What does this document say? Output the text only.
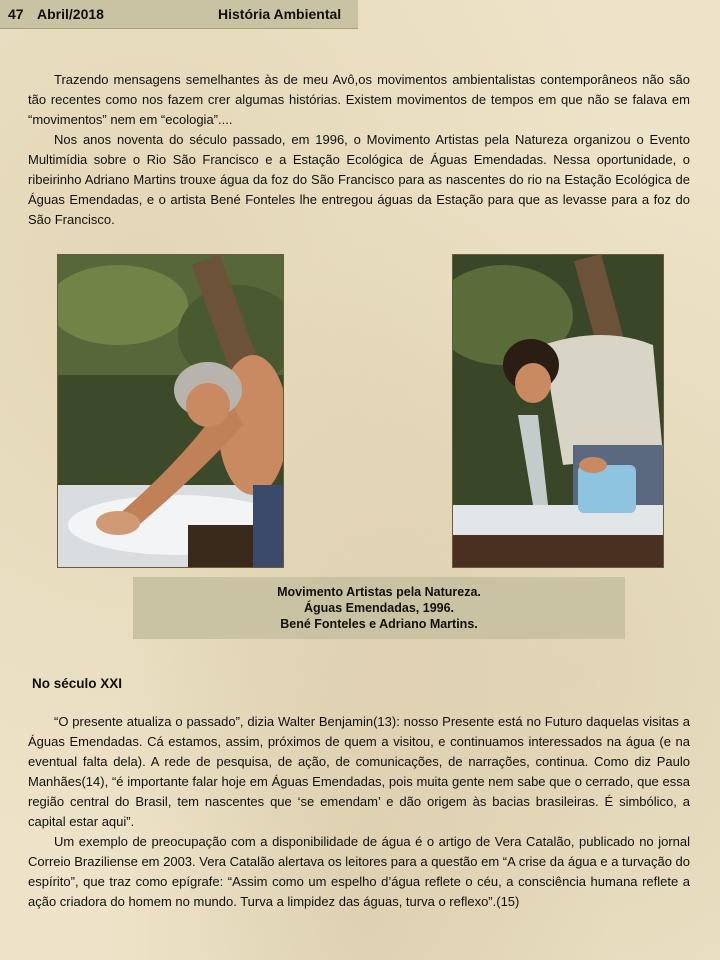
47 Abril/2018	História Ambiental

Trazendo mensagens semelhantes às de meu Avô,os movimentos ambientalistas contemporâneos não são tão recentes como nos fazem crer algumas histórias. Existem movimentos de tempos em que não se falava em “movimentos” nem em “ecologia”....

Nos anos noventa do século passado, em 1996, o Movimento Artistas pela Natureza organizou o Evento Multimídia sobre o Rio São Francisco e a Estação Ecológica de Águas Emendadas. Nessa oportunidade, o ribeirinho Adriano Martins trouxe água da foz do São Francisco para as nascentes do rio na Estação Ecológica de Águas Emendadas, e o artista Bené Fonteles lhe entregou águas da Estação para que as levasse para a foz do São Francisco.

Movimento Artistas pela Natureza.
Águas Emendadas, 1996.
Bené Fonteles e Adriano Martins.
No século XXI

“O presente atualiza o passado”, dizia Walter Benjamin(13): nosso Presente está no Futuro daquelas visitas a Águas Emendadas. Cá estamos, assim, próximos de quem a visitou, e continuamos interessados na água (e na eventual falta dela). A rede de pesquisa, de ação, de comunicações, de narrações, continua. Como diz Paulo Manhães(14), “é importante falar hoje em Águas Emendadas, pois muita gente nem sabe que o cerrado, que essa região central do Brasil, tem nascentes que ‘se emendam’ e dão origem às bacias brasileiras. É simbólico, a capital estar aqui”.

Um exemplo de preocupação com a disponibilidade de água é o artigo de Vera Catalão, publicado no jornal Correio Braziliense em 2003. Vera Catalão alertava os leitores para a questão em “A crise da água e a turvação do espírito”, que traz como epígrafe: “Assim como um espelho d’água reflete o céu, a consciência humana reflete a ação criadora do homem no mundo. Turva a limpidez das águas, turva o reflexo”.(15)
